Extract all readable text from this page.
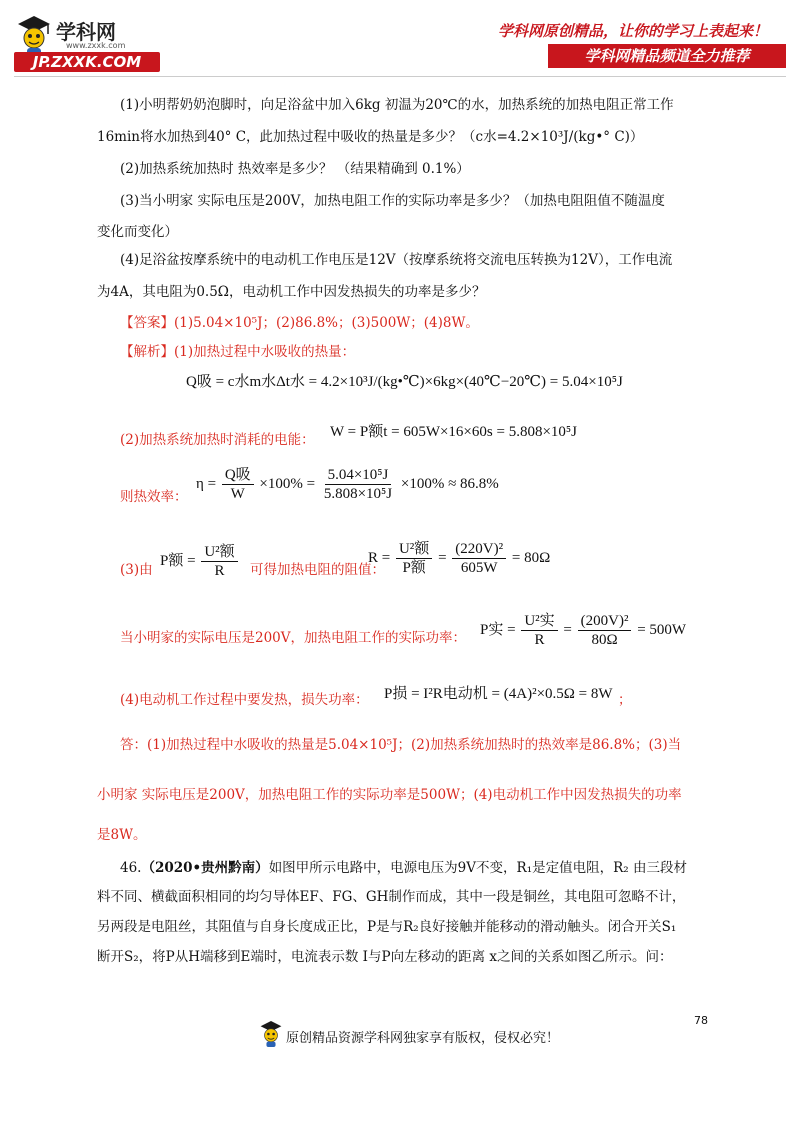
学科网
www.zxxk.com
JP.ZXXK.COM
学科网原创精品，让你的学习上表起来！
学科网精品频道全力推荐
(1)小明帮奶奶泡脚时，向足浴盆中加入6kg 初温为20℃的水，加热系统的加热电阻正常工作
16min将水加热到40° C，此加热过程中吸收的热量是多少？（c水=4.2×10³J/(kg•° C)）
(2)加热系统加热时 热效率是多少？ （结果精确到 0.1%）
(3)当小明家 实际电压是200V，加热电阻工作的实际功率是多少？（加热电阻阻值不随温度
变化而变化）
(4)足浴盆按摩系统中的电动机工作电压是12V（按摩系统将交流电压转换为12V），工作电流
为4A，其电阻为0.5Ω，电动机工作中因发热损失的功率是多少？
【答案】(1)5.04×10⁵J；(2)86.8%；(3)500W；(4)8W。
【解析】(1)加热过程中水吸收的热量：
Q吸 = c水m水Δt水 = 4.2×10³J/(kg•℃)×6kg×(40℃−20℃) = 5.04×10⁵J
(2)加热系统加热时消耗的电能： W = P额t = 605W×16×60s = 5.808×10⁵J
则热效率：
$\eta = \frac{\text{Q吸}}{W} \times 100\% = \frac{\text{5.04×10⁵J}}{\text{5.808×10⁵J}} \times 100\% \approx 86.8\%$
(3)由
P额 = $\frac{\text{U²额}}{R}$ 可得加热电阻的阻值：
$R = \frac{\text{U²额}}{\text{P额}} = \frac{\text{(220V)²}}{605W} = 80\Omega$
当小明家的实际电压是200V，加热电阻工作的实际功率：
P实 = $\frac{\text{U²实}}{R} = \frac{\text{(200V)²}}{80\Omega} = 500W$
(4)电动机工作过程中要发热，损失功率： P损 = I²R电动机 = (4A)²×0.5Ω = 8W ；
答：(1)加热过程中水吸收的热量是5.04×10⁵J；(2)加热系统加热时的热效率是86.8%；(3)当
小明家 实际电压是200V，加热电阻工作的实际功率是500W；(4)电动机工作中因发热损失的功率
是8W。
46.（2020•贵州黔南）如图甲所示电路中，电源电压为9V不变，R₁是定值电阻，R₂ 由三段材
料不同、横截面积相同的均匀导体EF、FG、GH制作而成，其中一段是铜丝，其电阻可忽略不计，
另两段是电阻丝，其阻值与自身长度成正比，P是与R₂良好接触并能移动的滑动触头。闭合开关S₁
断开S₂，将P从H端移到E端时，电流表示数 I与P向左移动的距离 x之间的关系如图乙所示。问：
78
原创精品资源学科网独家享有版权，侵权必究！
